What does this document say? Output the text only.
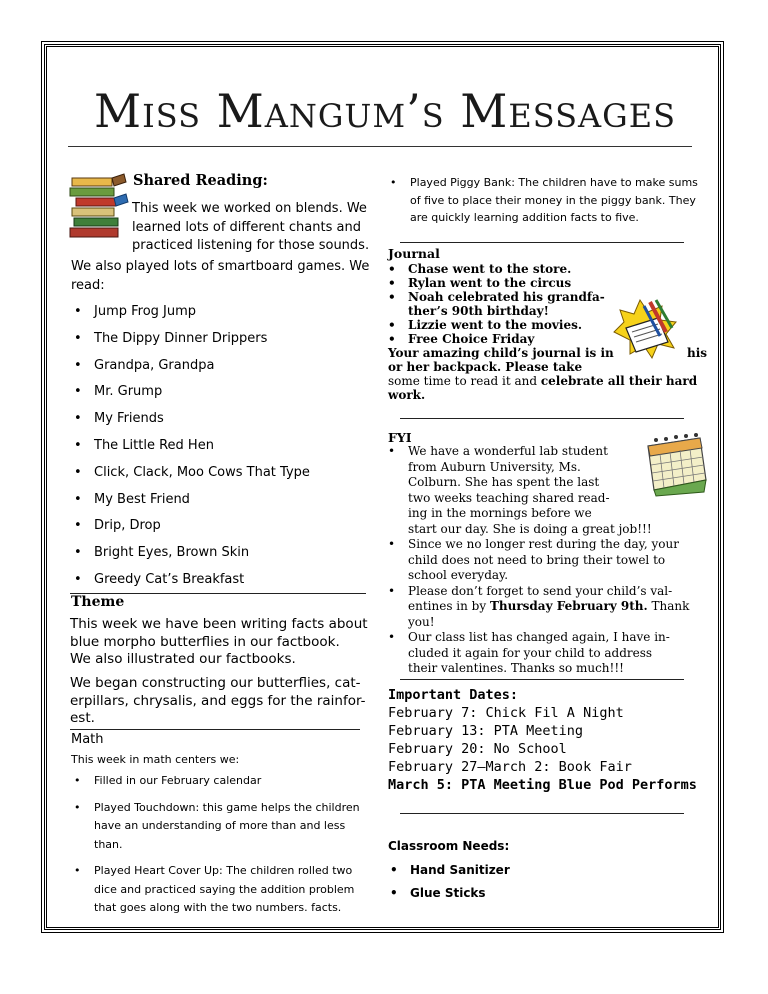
Miss Mangum’s Messages
Shared Reading:
This week we worked on blends. We
learned lots of different chants and
practiced listening for those sounds.
We also played lots of smartboard games. We
read:
• Jump Frog Jump
• The Dippy Dinner Drippers
• Grandpa, Grandpa
• Mr. Grump
• My Friends
• The Little Red Hen
• Click, Clack, Moo Cows That Type
• My Best Friend
• Drip, Drop
• Bright Eyes, Brown Skin
• Greedy Cat’s Breakfast
Theme
This week we have been writing facts about
blue morpho butterflies in our factbook.
We also illustrated our factbooks.
We began constructing our butterflies, cat-
erpillars, chrysalis, and eggs for the rainfor-
est.
Math
This week in math centers we:
• Filled in our February calendar
• Played Touchdown: this game helps the children
have an understanding of more than and less
than.
• Played Heart Cover Up: The children rolled two
dice and practiced saying the addition problem
that goes along with the two numbers. facts.
• Played Piggy Bank: The children have to make sums
of five to place their money in the piggy bank. They
are quickly learning addition facts to five.
Journal
• Chase went to the store.
• Rylan went to the circus
• Noah celebrated his grandfa-
ther’s 90th birthday!
• Lizzie went to the movies.
• Free Choice Friday
Your amazing child’s journal is in	his
or her backpack. Please take
some time to read it and celebrate all their hard
work.
FYI
• We have a wonderful lab student
from Auburn University, Ms.
Colburn. She has spent the last
two weeks teaching shared read-
ing in the mornings before we
start our day. She is doing a great job!!!
• Since we no longer rest during the day, your
child does not need to bring their towel to
school everyday.
• Please don’t forget to send your child’s val-
entines in by Thursday February 9th. Thank
you!
• Our class list has changed again, I have in-
cluded it again for your child to address
their valentines. Thanks so much!!!
Important Dates:
February 7: Chick Fil A Night
February 13: PTA Meeting
February 20: No School
February 27—March 2: Book Fair
March 5: PTA Meeting Blue Pod Performs
Classroom Needs:
• Hand Sanitizer
• Glue Sticks
